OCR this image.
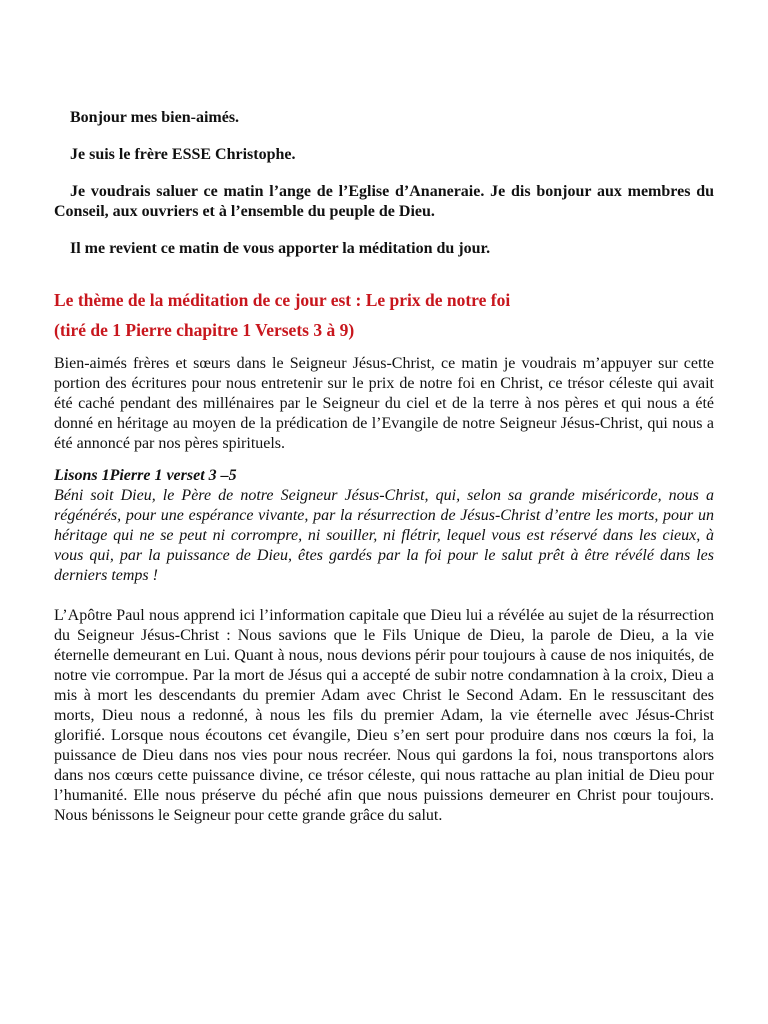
Bonjour mes bien-aimés.

Je suis le frère ESSE Christophe.

Je voudrais saluer ce matin l’ange de l’Eglise d’Ananeraie. Je dis bonjour aux membres du Conseil, aux ouvriers et à l’ensemble du peuple de Dieu.

Il me revient ce matin de vous apporter la méditation du jour.

Le thème de la méditation de ce jour est : Le prix de notre foi
(tiré de 1 Pierre chapitre 1 Versets 3 à 9)

Bien-aimés frères et sœurs dans le Seigneur Jésus-Christ, ce matin je voudrais m’appuyer sur cette portion des écritures pour nous entretenir sur le prix de notre foi en Christ, ce trésor céleste qui avait été caché pendant des millénaires par le Seigneur du ciel et de la terre à nos pères et qui nous a été donné en héritage au moyen de la prédication de l’Evangile de notre Seigneur Jésus-Christ, qui nous a été annoncé par nos pères spirituels.

Lisons 1Pierre 1 verset 3 –5

Béni soit Dieu, le Père de notre Seigneur Jésus-Christ, qui, selon sa grande miséricorde, nous a régénérés, pour une espérance vivante, par la résurrection de Jésus-Christ d’entre les morts, pour un héritage qui ne se peut ni corrompre, ni souiller, ni flétrir, lequel vous est réservé dans les cieux, à vous qui, par la puissance de Dieu, êtes gardés par la foi pour le salut prêt à être révélé dans les derniers temps !

L’Apôtre Paul nous apprend ici l’information capitale que Dieu lui a révélée au sujet de la résurrection du Seigneur Jésus-Christ : Nous savions que le Fils Unique de Dieu, la parole de Dieu, a la vie éternelle demeurant en Lui. Quant à nous, nous devions périr pour toujours à cause de nos iniquités, de notre vie corrompue. Par la mort de Jésus qui a accepté de subir notre condamnation à la croix, Dieu a mis à mort les descendants du premier Adam avec Christ le Second Adam. En le ressuscitant des morts, Dieu nous a redonné, à nous les fils du premier Adam, la vie éternelle avec Jésus-Christ glorifié. Lorsque nous écoutons cet évangile, Dieu s’en sert pour produire dans nos cœurs la foi, la puissance de Dieu dans nos vies pour nous recréer. Nous qui gardons la foi, nous transportons alors dans nos cœurs cette puissance divine, ce trésor céleste, qui nous rattache au plan initial de Dieu pour l’humanité. Elle nous préserve du péché afin que nous puissions demeurer en Christ pour toujours. Nous bénissons le Seigneur pour cette grande grâce du salut.
